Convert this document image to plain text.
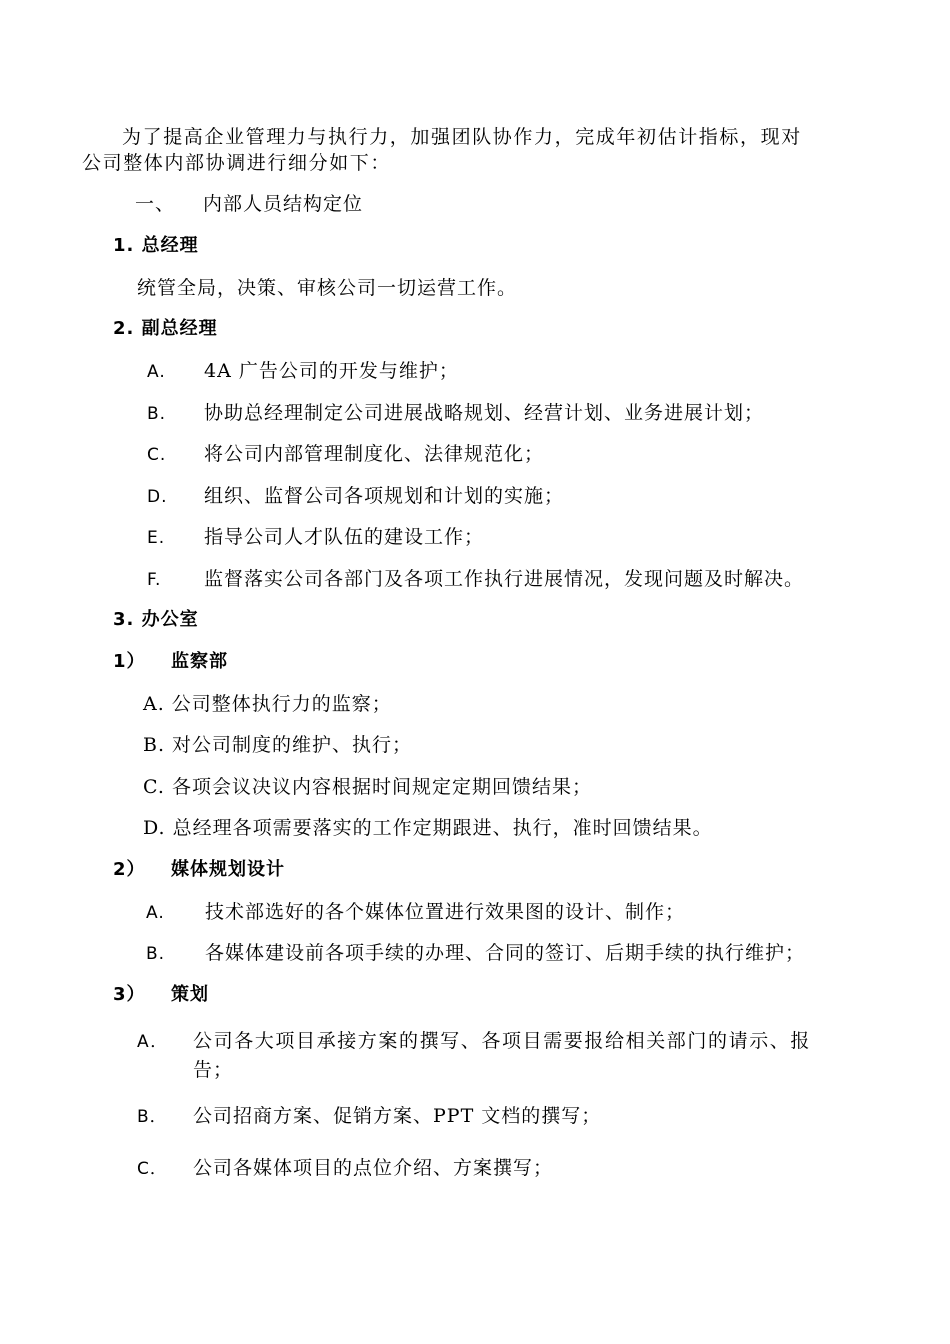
为了提高企业管理力与执行力，加强团队协作力，完成年初估计指标，现对
公司整体内部协调进行细分如下：
一、 内部人员结构定位
1. 总经理
统管全局，决策、审核公司一切运营工作。
2. 副总经理
A. 4A 广告公司的开发与维护；
B. 协助总经理制定公司进展战略规划、经营计划、业务进展计划；
C. 将公司内部管理制度化、法律规范化；
D. 组织、监督公司各项规划和计划的实施；
E. 指导公司人才队伍的建设工作；
F. 监督落实公司各部门及各项工作执行进展情况，发现问题及时解决。
3. 办公室
1） 监察部
A. 公司整体执行力的监察；
B. 对公司制度的维护、执行；
C. 各项会议决议内容根据时间规定定期回馈结果；
D. 总经理各项需要落实的工作定期跟进、执行，准时回馈结果。
2） 媒体规划设计
A. 技术部选好的各个媒体位置进行效果图的设计、制作；
B. 各媒体建设前各项手续的办理、合同的签订、后期手续的执行维护；
3） 策划
A． 公司各大项目承接方案的撰写、各项目需要报给相关部门的请示、报
告；
B． 公司招商方案、促销方案、PPT 文档的撰写；
C． 公司各媒体项目的点位介绍、方案撰写；
